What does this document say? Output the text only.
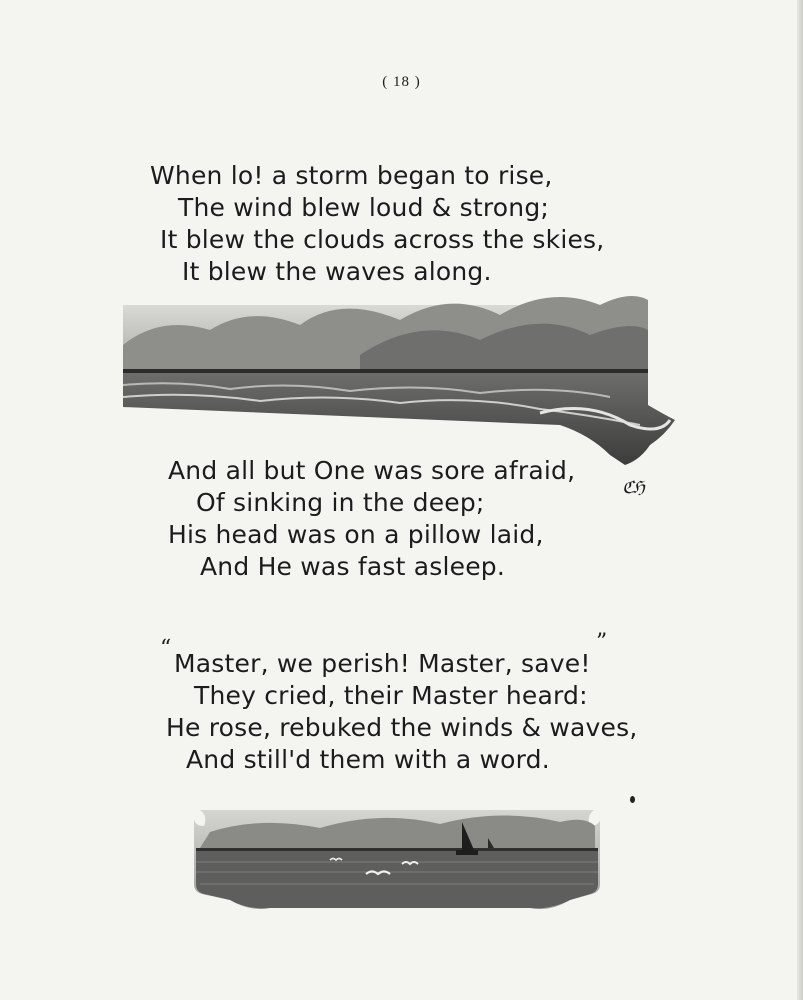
( 18 )
When lo! a storm began to rise,
The wind blew loud & strong;
It blew the clouds across the skies,
It blew the waves along.
And all but One was sore afraid,
Of sinking in the deep;
His head was on a pillow laid,
And He was fast asleep.
ℭℌ
“	”
Master, we perish! Master, save!
They cried, their Master heard:
He rose, rebuked the winds & waves,
And still'd them with a word.
